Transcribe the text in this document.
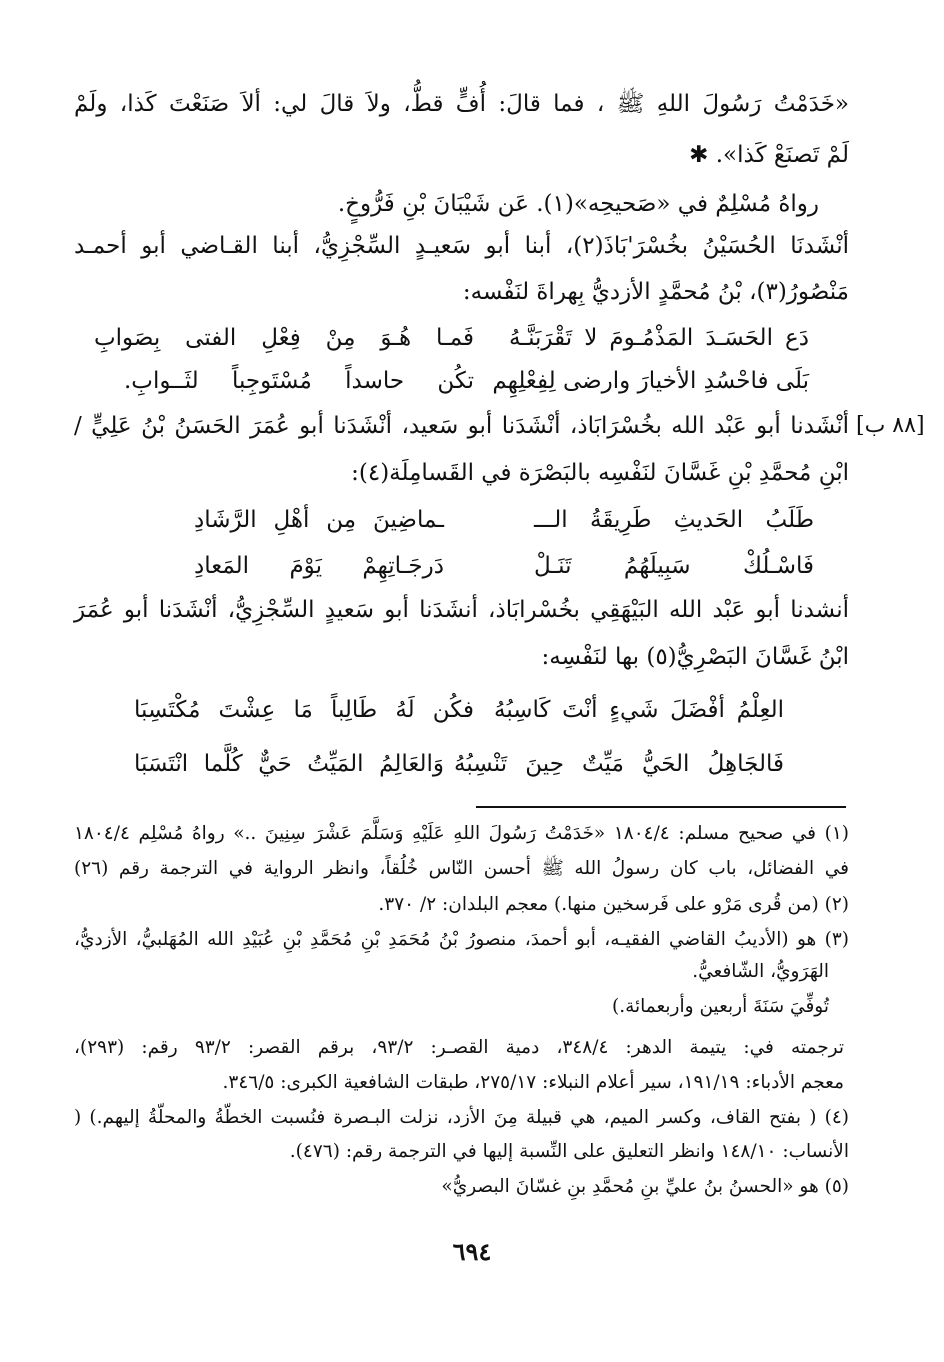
«خَدَمْتُ رَسُولَ اللهِ ﷺ ، فما قالَ: أُفٍّ قطُّ، ولاَ قالَ لي: ألاَ صَنَعْتَ كَذا، ولَمْ
لَمْ تَصنَعْ كَذا». ✱
رواهُ مُسْلِمٌ في «صَحيحِه»(١). عَن شَيْبَانَ بْنِ فَرُّوخٍ.
أنْشَدنَا الحُسَيْنُ بخُسْرَ'بَاذَ(٢)، أبنا أبو سَعيـدٍ السِّجْزِيُّ، أبنا القـاضي أبو أحمـد
مَنْصُورُ(٣)، بْنُ مُحمَّدٍ الأزديُّ بِهراةَ لنَفْسه:
دَع الحَسَـدَ المَذْمُـومَ لا تَقْرَبَنَّـهُ
فَمـا هُـوَ مِنْ فِعْلِ الفتى بِصَوابِ
بَلَى فاحْسُدِ الأخيارَ وارضى لِفِعْلِهِم
تكُن حاسداً مُسْتَوجِباً لثَــوابِ.
[٨٨ ب]
أنْشَدنا أبو عَبْد الله بخُسْرَابَاذ، أنْشَدَنا أبو سَعيد، أنْشَدَنا أبو عُمَرَ الحَسَنُ بْنُ عَلِيٍّ /
ابْنِ مُحمَّدِ بْنِ غَسَّانَ لنَفْسِه بالبَصْرَة في القَسامِلَة(٤):
طَلَبُ الحَديثِ طَرِيقَةُ الـــ
ـماضِينَ مِن أهْلِ الرَّشَادِ
فَاسْـلُكْ سَبِيلَهُمُ تَنَـلْ
دَرجَـاتِهِمْ يَوْمَ المَعادِ
أنشدنا أبو عَبْد الله البَيْهَقِي بخُسْرابَاذ، أنشَدَنا أبو سَعيدٍ السِّجْزِيُّ، أنْشَدَنا أبو عُمَرَ
ابْنُ غَسَّانَ البَصْرِيُّ(٥) بها لنَفْسِه:
العِلْمُ أفْضَلَ شَيءٍ أنْتَ كَاسِبُهُ
فكُن لَهُ طَالِباً مَا عِشْتَ مُكْتَسِبَا
فَالجَاهِلُ الحَيُّ مَيِّتٌ حِينَ تَنْسِبُهُ
وَالعَالِمُ المَيِّتُ حَيٌّ كُلَّما انْتَسَبَا
(١) في صحيح مسلم: ١٨٠٤/٤ «خَدَمْتُ رَسُولَ اللهِ عَلَيْهِ وَسَلَّمَ عَشْرَ سِنِينَ ..» رواهُ مُسْلِم ١٨٠٤/٤
في الفضائل، باب كان رسولُ الله ﷺ أحسن النّاس خُلُقاً، وانظر الرواية في الترجمة رقم (٢٦)
(٢) (من قُرى مَرْو على فَرسخين منها.) معجم البلدان: ٢/ ٣٧٠.
(٣) هو (الأديبُ القاضي الفقيـه، أبو أحمدَ، منصورُ بْنُ مُحَمَدِ بْنِ مُحَمَّدِ بْنِ عُبَيْدِ الله المُهَلبيُّ، الأزديُّ،
الهَرَويُّ، الشّافعيُّ.
تُوفِّيَ سَنَةَ أربعين وأربعمائة.)
ترجمته في: يتيمة الدهر: ٣٤٨/٤، دمية القصـر: ٩٣/٢، برقم القصر: ٩٣/٢ رقم: (٢٩٣)،
معجم الأدباء: ١٩١/١٩، سير أعلام النبلاء: ٢٧٥/١٧، طبقات الشافعية الكبرى: ٣٤٦/٥.
(٤) ( بفتح القاف، وكسر الميم، هي قبيلة مِنَ الأزد، نزلت البـصرة فنُسبت الخطّةُ والمحلّةُ إليهم.) (
الأنساب: ١٤٨/١٠ وانظر التعليق على النِّسبة إليها في الترجمة رقم: (٤٧٦).
(٥) هو «الحسنُ بنُ عليِّ بنِ مُحمَّدِ بنِ غسّانَ البصريُّ»
٦٩٤
